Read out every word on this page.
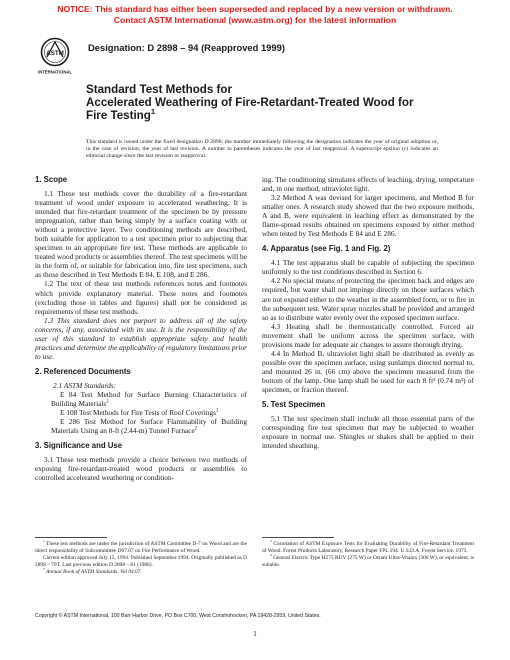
NOTICE: This standard has either been superseded and replaced by a new version or withdrawn.
Contact ASTM International (www.astm.org) for the latest information
ASTM
INTERNATIONAL
Designation: D 2898 – 94 (Reapproved 1999)
Standard Test Methods for
Accelerated Weathering of Fire-Retardant-Treated Wood for
Fire Testing$^1$
This standard is issued under the fixed designation D 2898; the number immediately following the designation indicates the year of original adoption or, in the case of revision, the year of last revision. A number in parentheses indicates the year of last reapproval. A superscript epsilon (ε) indicates an editorial change since the last revision or reapproval.
1. Scope

1.1 These test methods cover the durability of a fire-retardant treatment of wood under exposure to accelerated weathering. It is intended that fire-retardant treatment of the specimen be by pressure impregnation, rather than being simply by a surface coating with or without a protective layer. Two conditioning methods are described, both suitable for application to a test specimen prior to subjecting that specimen to an appropriate fire test. These methods are applicable to treated wood products or assemblies thereof. The test specimens will be in the form of, or suitable for fabrication into, fire test specimens, such as those described in Test Methods E 84, E 108, and E 286.

1.2 The text of these test methods references notes and footnotes which provide explanatory material. These notes and footnotes (excluding those in tables and figures) shall not be considered as requirements of these test methods.

1.3 This standard does not purport to address all of the safety concerns, if any, associated with its use. It is the responsibility of the user of this standard to establish appropriate safety and health practices and determine the applicability of regulatory limitations prior to use.

2. Referenced Documents

2.1 ASTM Standards:

E 84 Test Method for Surface Burning Characteristics of Building Materials$^2$

E 108 Test Methods for Fire Tests of Roof Coverings$^2$

E 286 Test Method for Surface Flammability of Building Materials Using an 8-ft (2.44-m) Tunnel Furnace$^2$

3. Significance and Use

3.1 These test methods provide a choice between two methods of exposing fire-retardant-treated wood products or assemblies to controlled accelerated weathering or condition-

ing. The conditioning simulates effects of leaching, drying, temperature and, in one method, ultraviolet light.

3.2 Method A was devised for larger specimens, and Method B for smaller ones. A research study showed that the two exposure methods, A and B, were equivalent in leaching effect as demonstrated by the flame-spread results obtained on specimens exposed by either method when tested by Test Methods E 84 and E 286.

4. Apparatus (see Fig. 1 and Fig. 2)

4.1 The test apparatus shall be capable of subjecting the specimen uniformly to the test conditions described in Section 6.

4.2 No special means of protecting the specimen back and edges are required, but water shall not impinge directly on those surfaces which are not exposed either to the weather in the assembled form, or to fire in the subsequent test. Water spray nozzles shall be provided and arranged so as to distribute water evenly over the exposed specimen surface.

4.3 Heating shall be thermostatically controlled. Forced air movement shall be uniform across the specimen surface, with provisions made for adequate air changes to assure thorough drying.

4.4 In Method B, ultraviolet light shall be distributed as evenly as possible over the specimen surface, using sunlamps directed normal to, and mounted 26 in. (66 cm) above the specimen measured from the bottom of the lamp. One lamp shall be used for each 8 ft² (0.74 m²) of specimen, or fraction thereof.

5. Test Specimen

5.1 The test specimen shall include all those essential parts of the corresponding fire test specimen that may be subjected to weather exposure in normal use. Shingles or shakes shall be applied to their intended sheathing.

$^1$ These test methods are under the jurisdiction of ASTM Committee D-7 on Wood and are the direct responsibility of Subcommittee D07.07 on Fire Performance of Wood.

Current edition approved July 15, 1994. Published September 1994. Originally published as D 2898 – 70T. Last previous edition D 2898 – 81 (1986).

$^2$ Annual Book of ASTM Standards, Vol 04.07.

$^3$ Correlation of ASTM Exposure Tests for Evaluating Durability of Fire-Retardant Treatment of Wood. Forest Products Laboratory, Research Paper FPL 194. U.S.D.A. Forest Service. 1973.

$^4$ General Electric Type H275 RUV (275 W) or Osram Ultra-Vitalux (300 W), or equivalent, is suitable.

Copyright © ASTM International, 100 Barr Harbor Drive, PO Box C700, West Conshohocken, PA 19428-2959, United States.
1
